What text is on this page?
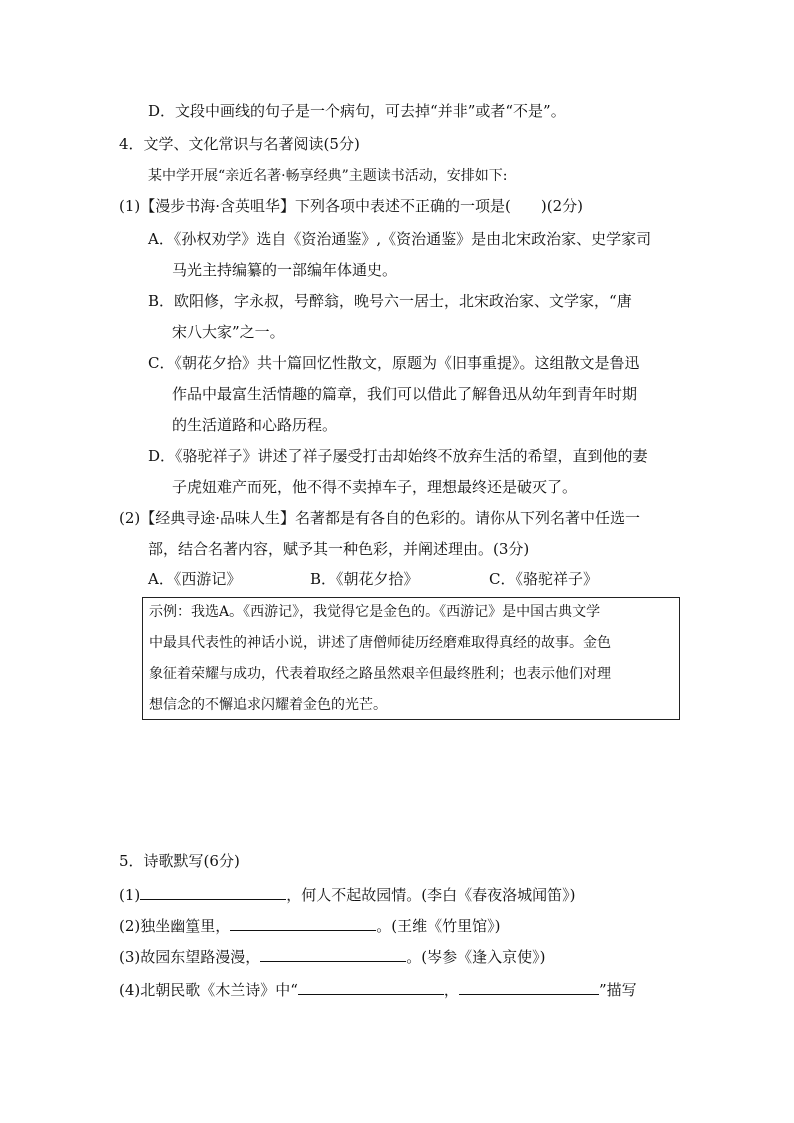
D．文段中画线的句子是一个病句，可去掉“并非”或者“不是”。
4．文学、文化常识与名著阅读(5分)
某中学开展“亲近名著·畅享经典”主题读书活动，安排如下:
(1)【漫步书海·含英咀华】下列各项中表述不正确的一项是(　　)(2分)
A．《孙权劝学》选自《资治通鉴》,《资治通鉴》是由北宋政治家、史学家司
马光主持编纂的一部编年体通史。
B．欧阳修，字永叔，号醉翁，晚号六一居士，北宋政治家、文学家，“唐
宋八大家”之一。
C．《朝花夕拾》共十篇回忆性散文，原题为《旧事重提》。这组散文是鲁迅
作品中最富生活情趣的篇章，我们可以借此了解鲁迅从幼年到青年时期
的生活道路和心路历程。
D．《骆驼祥子》讲述了祥子屡受打击却始终不放弃生活的希望，直到他的妻
子虎妞难产而死，他不得不卖掉车子，理想最终还是破灭了。
(2)【经典寻途·品味人生】名著都是有各自的色彩的。请你从下列名著中任选一
部，结合名著内容，赋予其一种色彩，并阐述理由。(3分)
A．《西游记》	B．《朝花夕拾》	C．《骆驼祥子》
示例：我选A。《西游记》，我觉得它是金色的。《西游记》是中国古典文学
中最具代表性的神话小说，讲述了唐僧师徒历经磨难取得真经的故事。金色
象征着荣耀与成功，代表着取经之路虽然艰辛但最终胜利；也表示他们对理
想信念的不懈追求闪耀着金色的光芒。
5．诗歌默写(6分)
(1)	，何人不起故园情。(李白《春夜洛城闻笛》)
(2)独坐幽篁里，	。(王维《竹里馆》)
(3)故园东望路漫漫，	。(岑参《逢入京使》)
(4)北朝民歌《木兰诗》中“	，	”描写
